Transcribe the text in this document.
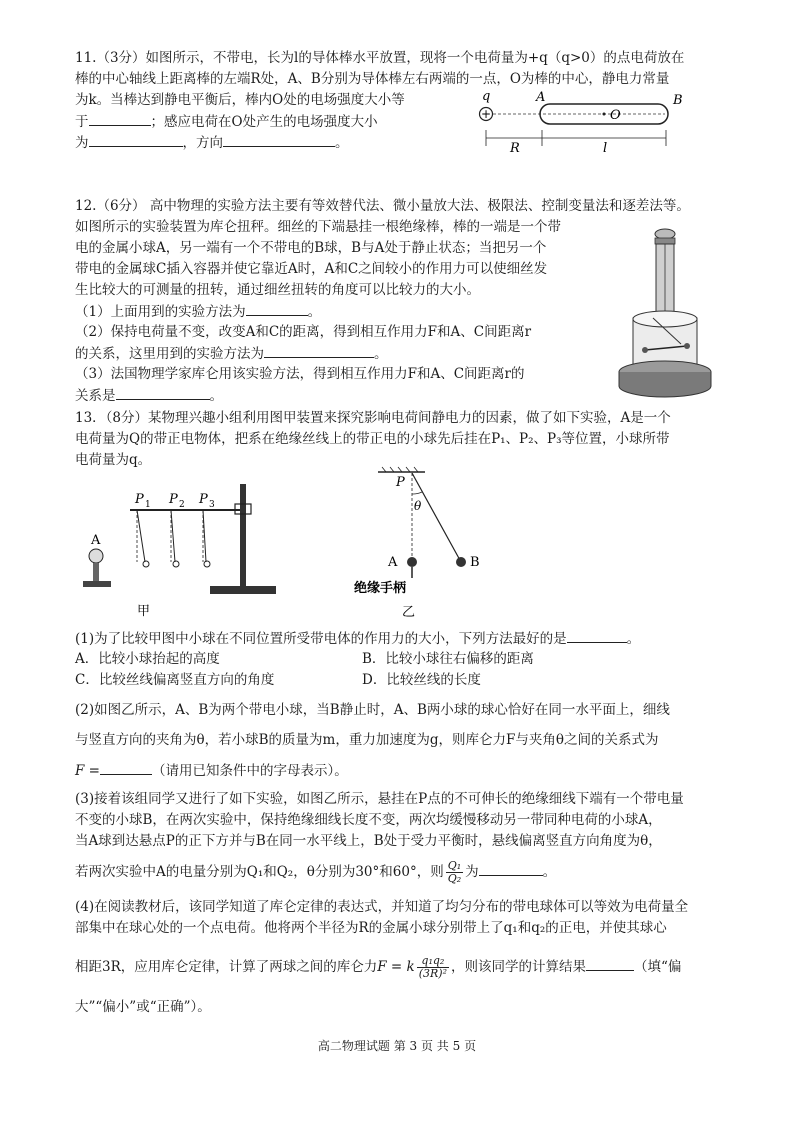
11.（3分）如图所示，不带电，长为l的导体棒水平放置，现将一个电荷量为+q（q>0）的点电荷放在
棒的中心轴线上距离棒的左端R处，A、B分别为导体棒左右两端的一点，O为棒的中心，静电力常量
为k。当棒达到静电平衡后，棒内O处的电场强度大小等
于	；感应电荷在O处产生的电场强度大小
为	，方向	。
q
+
A	B
O
R	l
12.（6分） 高中物理的实验方法主要有等效替代法、微小量放大法、极限法、控制变量法和逐差法等。
如图所示的实验装置为库仑扭秤。细丝的下端悬挂一根绝缘棒，棒的一端是一个带
电的金属小球A，另一端有一个不带电的B球，B与A处于静止状态；当把另一个
带电的金属球C插入容器并使它靠近A时，A和C之间较小的作用力可以使细丝发
生比较大的可测量的扭转，通过细丝扭转的角度可以比较力的大小。
（1）上面用到的实验方法为	。
（2）保持电荷量不变，改变A和C的距离，得到相互作用力F和A、C间距离r
的关系，这里用到的实验方法为	。
（3）法国物理学家库仑用该实验方法，得到相互作用力F和A、C间距离r的
关系是	。
13．（8分）某物理兴趣小组利用图甲装置来探究影响电荷间静电力的因素，做了如下实验，A是一个
电荷量为Q的带正电物体，把系在绝缘丝线上的带正电的小球先后挂在P₁、P₂、P₃等位置，小球所带
电荷量为q。
P 1 P 2 P 3
A
甲
P
θ
A	B
绝缘手柄
乙
(1)为了比较甲图中小球在不同位置所受带电体的作用力的大小，下列方法最好的是	。
A．比较小球抬起的高度	B．比较小球往右偏移的距离
C．比较丝线偏离竖直方向的角度	D．比较丝线的长度
(2)如图乙所示，A、B为两个带电小球，当B静止时，A、B两小球的球心恰好在同一水平面上，细线
与竖直方向的夹角为θ，若小球B的质量为m，重力加速度为g，则库仑力F与夹角θ之间的关系式为
F =	（请用已知条件中的字母表示）。
(3)接着该组同学又进行了如下实验，如图乙所示，悬挂在P点的不可伸长的绝缘细线下端有一个带电量
不变的小球B，在两次实验中，保持绝缘细线长度不变，两次均缓慢移动另一带同种电荷的小球A，
当A球到达悬点P的正下方并与B在同一水平线上，B处于受力平衡时，悬线偏离竖直方向角度为θ，
若两次实验中A的电量分别为Q₁和Q₂，θ分别为30°和60°，则 $\frac{\text{Q₁}}{\text{Q₂}}$ 为	。
(4)在阅读教材后，该同学知道了库仑定律的表达式，并知道了均匀分布的带电球体可以等效为电荷量全
部集中在球心处的一个点电荷。他将两个半径为R的金属小球分别带上了q₁和q₂的正电，并使其球心
相距3R，应用库仑定律，计算了两球之间的库仑力F = k $\frac{\text{q₁q₂}}{\text{(3R)²}}$ ，则该同学的计算结果	（填“偏
大”“偏小”或“正确”）。
高二物理试题 第 3 页 共 5 页
